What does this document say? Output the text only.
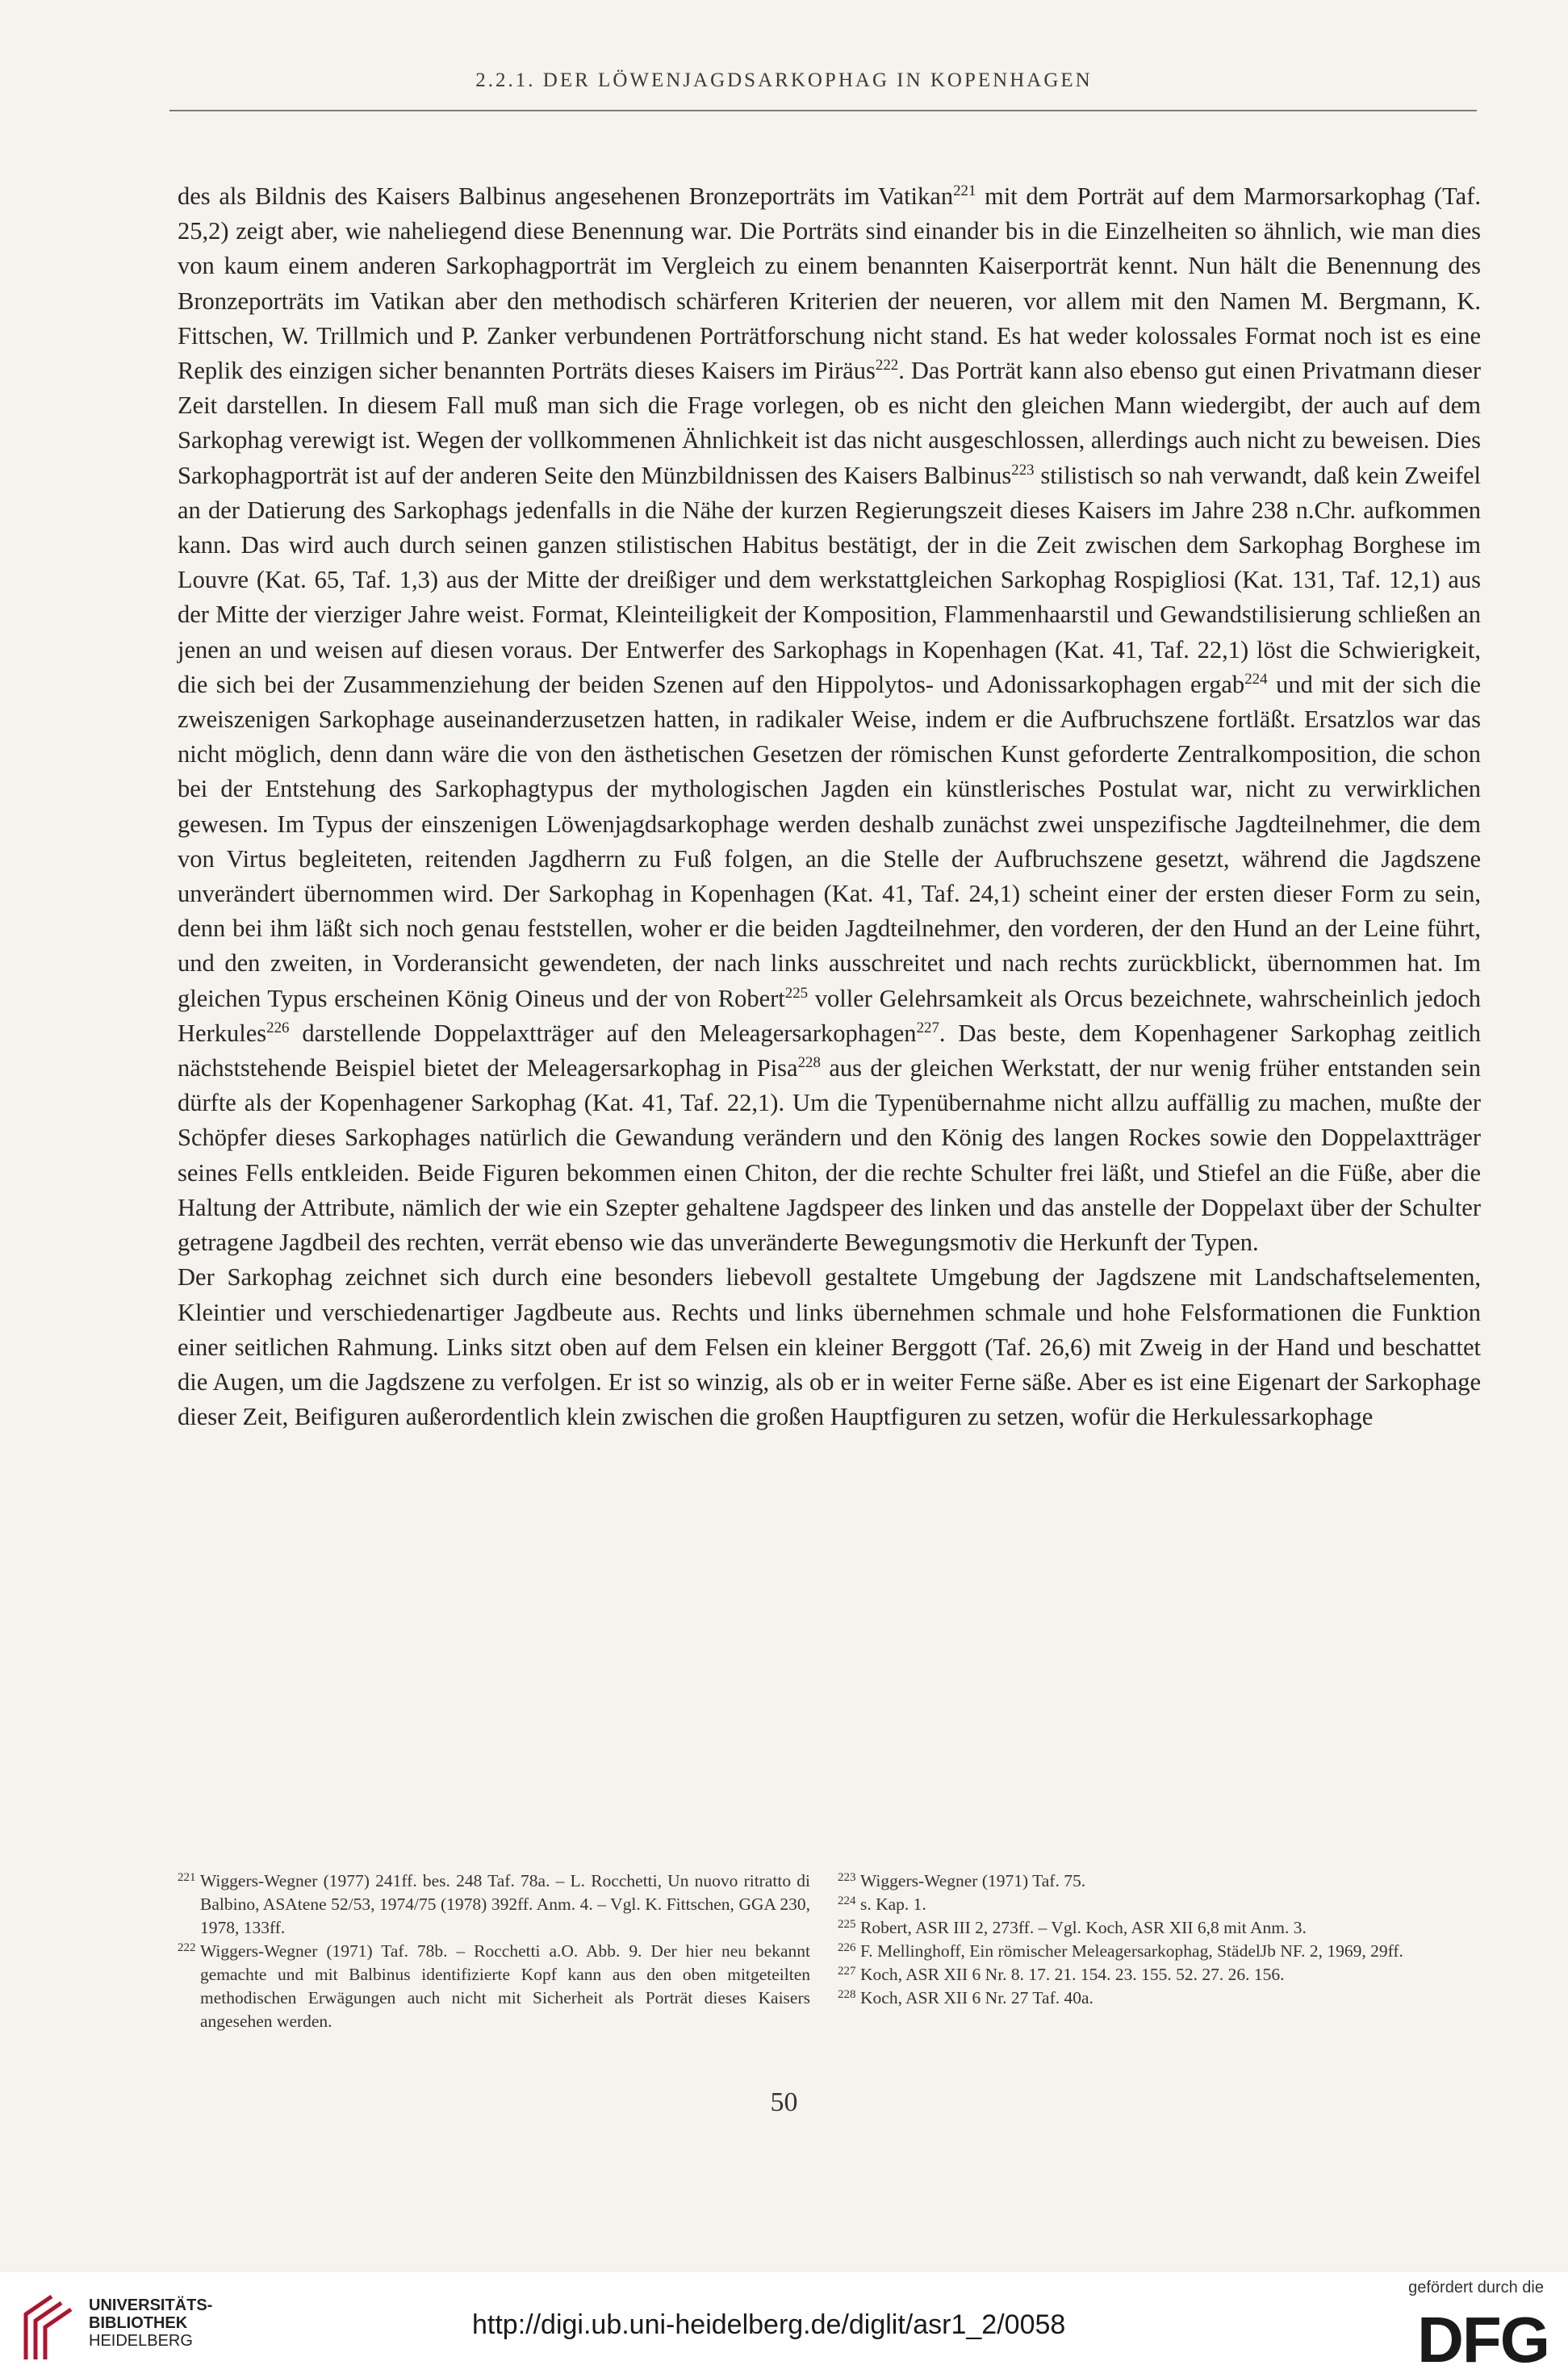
2.2.1. DER LÖWENJAGDSARKOPHAG IN KOPENHAGEN

des als Bildnis des Kaisers Balbinus angesehenen Bronzeporträts im Vatikan$^{221}$ mit dem Porträt auf dem Marmorsarkophag (Taf. 25,2) zeigt aber, wie naheliegend diese Benennung war. Die Porträts sind einander bis in die Einzelheiten so ähnlich, wie man dies von kaum einem anderen Sarkophagporträt im Vergleich zu einem benannten Kaiserporträt kennt. Nun hält die Benennung des Bronzeporträts im Vatikan aber den methodisch schärferen Kriterien der neueren, vor allem mit den Namen M. Bergmann, K. Fittschen, W. Trillmich und P. Zanker verbundenen Porträtforschung nicht stand. Es hat weder kolossales Format noch ist es eine Replik des einzigen sicher benannten Porträts dieses Kaisers im Piräus$^{222}$. Das Porträt kann also ebenso gut einen Privatmann dieser Zeit darstellen. In diesem Fall muß man sich die Frage vorlegen, ob es nicht den gleichen Mann wiedergibt, der auch auf dem Sarkophag verewigt ist. Wegen der vollkommenen Ähnlichkeit ist das nicht ausgeschlossen, allerdings auch nicht zu beweisen. Dies Sarkophagporträt ist auf der anderen Seite den Münzbildnissen des Kaisers Balbinus$^{223}$ stilistisch so nah verwandt, daß kein Zweifel an der Datierung des Sarkophags jedenfalls in die Nähe der kurzen Regierungszeit dieses Kaisers im Jahre 238 n.Chr. aufkommen kann. Das wird auch durch seinen ganzen stilistischen Habitus bestätigt, der in die Zeit zwischen dem Sarkophag Borghese im Louvre (Kat. 65, Taf. 1,3) aus der Mitte der dreißiger und dem werkstattgleichen Sarkophag Rospigliosi (Kat. 131, Taf. 12,1) aus der Mitte der vierziger Jahre weist. Format, Kleinteiligkeit der Komposition, Flammenhaarstil und Gewandstilisierung schließen an jenen an und weisen auf diesen voraus. Der Entwerfer des Sarkophags in Kopenhagen (Kat. 41, Taf. 22,1) löst die Schwierigkeit, die sich bei der Zusammenziehung der beiden Szenen auf den Hippolytos- und Adonissarkophagen ergab$^{224}$ und mit der sich die zweiszenigen Sarkophage auseinanderzusetzen hatten, in radikaler Weise, indem er die Aufbruchszene fortläßt. Ersatzlos war das nicht möglich, denn dann wäre die von den ästhetischen Gesetzen der römischen Kunst geforderte Zentralkomposition, die schon bei der Entstehung des Sarkophagtypus der mythologischen Jagden ein künstlerisches Postulat war, nicht zu verwirklichen gewesen. Im Typus der einszenigen Löwenjagdsarkophage werden deshalb zunächst zwei unspezifische Jagdteilnehmer, die dem von Virtus begleiteten, reitenden Jagdherrn zu Fuß folgen, an die Stelle der Aufbruchszene gesetzt, während die Jagdszene unverändert übernommen wird. Der Sarkophag in Kopenhagen (Kat. 41, Taf. 24,1) scheint einer der ersten dieser Form zu sein, denn bei ihm läßt sich noch genau feststellen, woher er die beiden Jagdteilnehmer, den vorderen, der den Hund an der Leine führt, und den zweiten, in Vorderansicht gewendeten, der nach links ausschreitet und nach rechts zurückblickt, übernommen hat. Im gleichen Typus erscheinen König Oineus und der von Robert$^{225}$ voller Gelehrsamkeit als Orcus bezeichnete, wahrscheinlich jedoch Herkules$^{226}$ darstellende Doppelaxtträger auf den Meleagersarkophagen$^{227}$. Das beste, dem Kopenhagener Sarkophag zeitlich nächststehende Beispiel bietet der Meleagersarkophag in Pisa$^{228}$ aus der gleichen Werkstatt, der nur wenig früher entstanden sein dürfte als der Kopenhagener Sarkophag (Kat. 41, Taf. 22,1). Um die Typenübernahme nicht allzu auffällig zu machen, mußte der Schöpfer dieses Sarkophages natürlich die Gewandung verändern und den König des langen Rockes sowie den Doppelaxtträger seines Fells entkleiden. Beide Figuren bekommen einen Chiton, der die rechte Schulter frei läßt, und Stiefel an die Füße, aber die Haltung der Attribute, nämlich der wie ein Szepter gehaltene Jagdspeer des linken und das anstelle der Doppelaxt über der Schulter getragene Jagdbeil des rechten, verrät ebenso wie das unveränderte Bewegungsmotiv die Herkunft der Typen.

Der Sarkophag zeichnet sich durch eine besonders liebevoll gestaltete Umgebung der Jagdszene mit Landschaftselementen, Kleintier und verschiedenartiger Jagdbeute aus. Rechts und links übernehmen schmale und hohe Felsformationen die Funktion einer seitlichen Rahmung. Links sitzt oben auf dem Felsen ein kleiner Berggott (Taf. 26,6) mit Zweig in der Hand und beschattet die Augen, um die Jagdszene zu verfolgen. Er ist so winzig, als ob er in weiter Ferne säße. Aber es ist eine Eigenart der Sarkophage dieser Zeit, Beifiguren außerordentlich klein zwischen die großen Hauptfiguren zu setzen, wofür die Herkulessarkophage

221 Wiggers-Wegner (1977) 241ff. bes. 248 Taf. 78a. – L. Rocchetti, Un nuovo ritratto di Balbino, ASAtene 52/53, 1974/75 (1978) 392ff. Anm. 4. – Vgl. K. Fittschen, GGA 230, 1978, 133ff.
222 Wiggers-Wegner (1971) Taf. 78b. – Rocchetti a.O. Abb. 9. Der hier neu bekannt gemachte und mit Balbinus identifizierte Kopf kann aus den oben mitgeteilten methodischen Erwägungen auch nicht mit Sicherheit als Porträt dieses Kaisers angesehen werden.
223 Wiggers-Wegner (1971) Taf. 75.
224 s. Kap. 1.
225 Robert, ASR III 2, 273ff. – Vgl. Koch, ASR XII 6,8 mit Anm. 3.
226 F. Mellinghoff, Ein römischer Meleagersarkophag, StädelJb NF. 2, 1969, 29ff.
227 Koch, ASR XII 6 Nr. 8. 17. 21. 154. 23. 155. 52. 27. 26. 156.
228 Koch, ASR XII 6 Nr. 27 Taf. 40a.
50
UNIVERSITÄTS-
BIBLIOTHEK
HEIDELBERG
http://digi.ub.uni-heidelberg.de/diglit/asr1_2/0058
gefördert durch die
DFG
